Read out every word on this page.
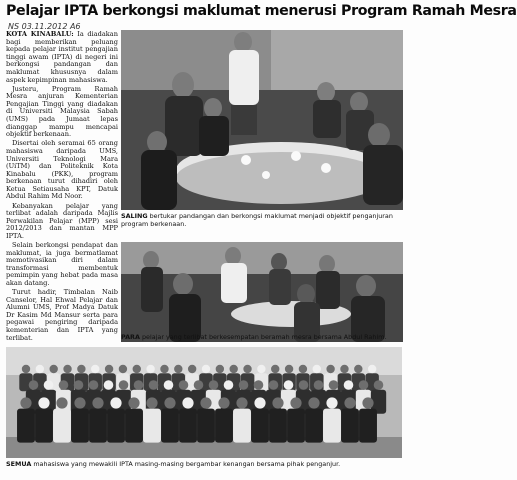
Pelajar IPTA berkongsi maklumat menerusi Program Ramah Mesra
NS 03.11.2012 A6

KOTA KINABALU: Ia diadakan bagi memberikan peluang kepada pelajar institut pengajian tinggi awam (IPTA) di negeri ini berkongsi pandangan dan maklumat khususnya dalam aspek kepimpinan mahasiswa.

Justeru, Program Ramah Mesra anjuran Kementerian Pengajian Tinggi yang diadakan di Universiti Malaysia Sabah (UMS) pada Jumaat lepas dianggap mampu mencapai objektif berkenaan.

Disertai oleh seramai 65 orang mahasiswa daripada UMS, Universiti Teknologi Mara (UiTM) dan Politeknik Kota Kinabalu (PKK), program berkenaan turut dihadiri oleh Ketua Setiausaha KPT, Datuk Abdul Rahim Md Noor.

Kebanyakan pelajar yang terlibat adalah daripada Majlis Perwakilan Pelajar (MPP) sesi 2012/2013 dan mantan MPP IPTA.

Selain berkongsi pendapat dan maklumat, ia juga bermatlamat memotivasikan diri dalam transformasi membentuk pemimpin yang hebat pada masa akan datang.

Turut hadir, Timbalan Naib Canselor, Hal Ehwal Pelajar dan Alumni UMS, Prof Madya Datuk Dr Kasim Md Mansur serta para pegawai pengiring daripada kementerian dan IPTA yang terlibat.

SALING bertukar pandangan dan berkongsi maklumat menjadi objektif penganjuran program berkenaan.
PARA pelajar yang terlibat berkesempatan beramah mesra bersama Abdul Rahim.
SEMUA mahasiswa yang mewakili IPTA masing-masing bergambar kenangan bersama pihak penganjur.
